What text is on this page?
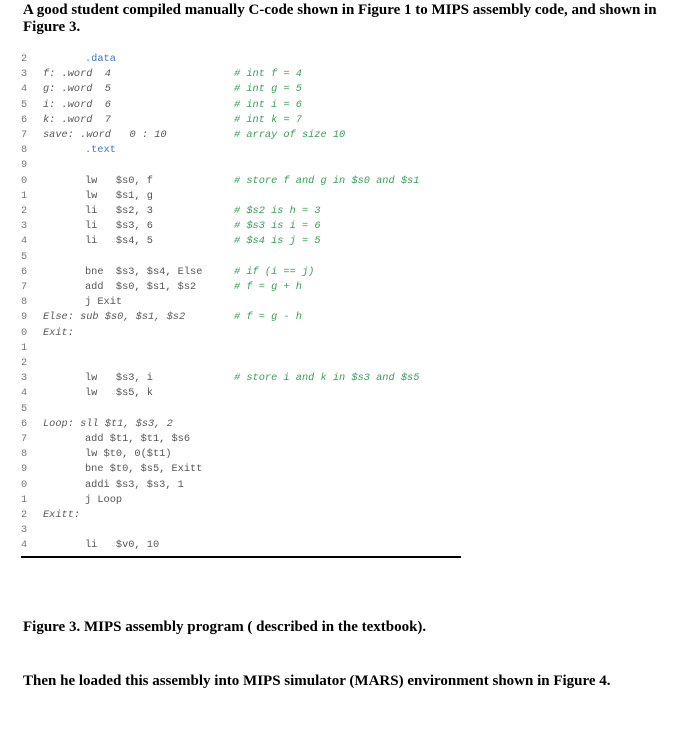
A good student compiled manually C-code shown in Figure 1 to MIPS assembly code, and shown in Figure 3.
2	.data
3	f: .word  4	# int f = 4
4	g: .word  5	# int g = 5
5	i: .word  6	# int i = 6
6	k: .word  7	# int k = 7
7	save: .word   0 : 10	# array of size 10
8	.text
9
0	lw   $s0, f	# store f and g in $s0 and $s1
1	lw   $s1, g
2	li   $s2, 3	# $s2 is h = 3
3	li   $s3, 6	# $s3 is i = 6
4	li   $s4, 5	# $s4 is j = 5
5
6	bne  $s3, $s4, Else	# if (i == j)
7	add  $s0, $s1, $s2	# f = g + h
8	j Exit
9	Else: sub $s0, $s1, $s2	# f = g - h
0	Exit:
1
2
3	lw   $s3, i	# store i and k in $s3 and $s5
4	lw   $s5, k
5
6	Loop: sll $t1, $s3, 2
7	add $t1, $t1, $s6
8	lw $t0, 0($t1)
9	bne $t0, $s5, Exitt
0	addi $s3, $s3, 1
1	j Loop
2	Exitt:
3
4	li   $v0, 10
Figure 3. MIPS assembly program ( described in the textbook).
Then he loaded this assembly into MIPS simulator (MARS) environment shown in Figure 4.
